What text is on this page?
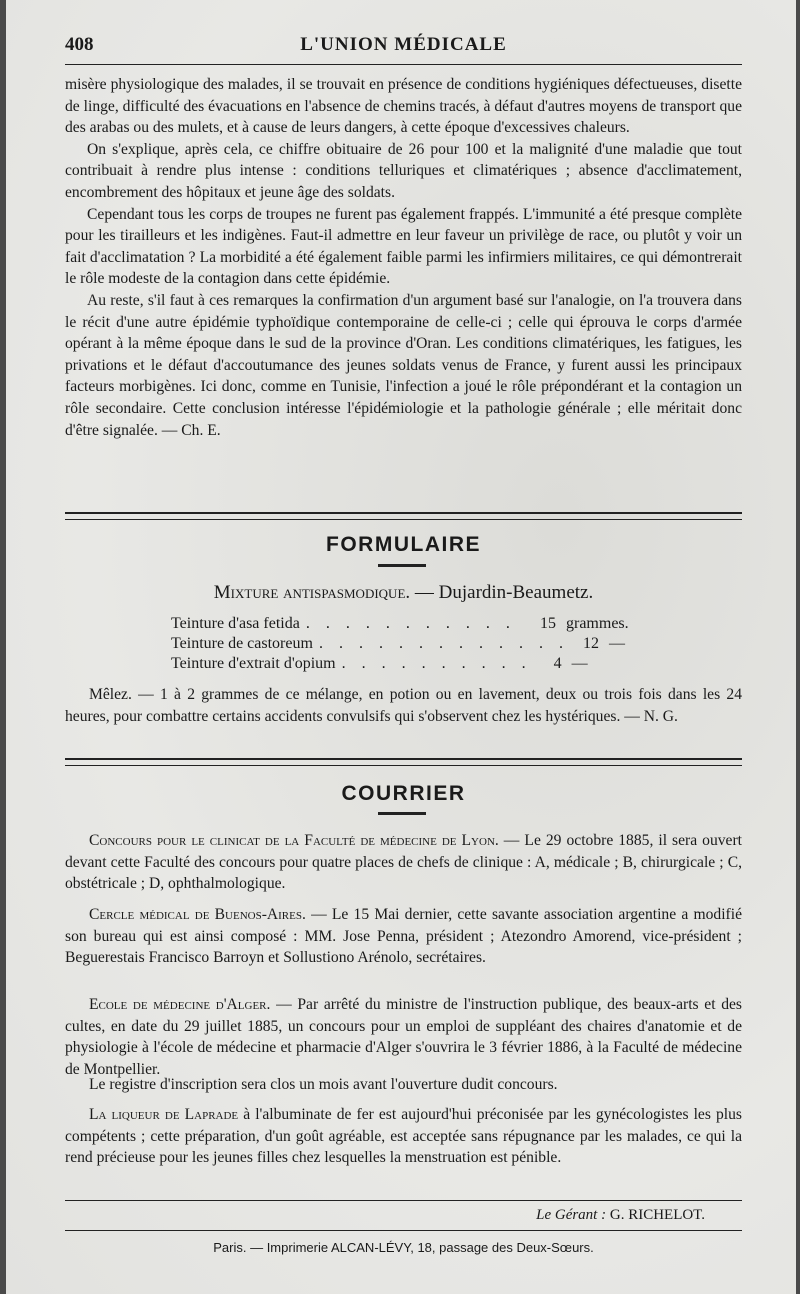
408	L'UNION MÉDICALE

misère physiologique des malades, il se trouvait en présence de conditions hygiéniques défectueuses, disette de linge, difficulté des évacuations en l'absence de chemins tracés, à défaut d'autres moyens de transport que des arabas ou des mulets, et à cause de leurs dangers, à cette époque d'excessives chaleurs.

On s'explique, après cela, ce chiffre obituaire de 26 pour 100 et la malignité d'une maladie que tout contribuait à rendre plus intense : conditions telluriques et climatériques ; absence d'acclimatement, encombrement des hôpitaux et jeune âge des soldats.

Cependant tous les corps de troupes ne furent pas également frappés. L'immunité a été presque complète pour les tirailleurs et les indigènes. Faut-il admettre en leur faveur un privilège de race, ou plutôt y voir un fait d'acclimatation ? La morbidité a été également faible parmi les infirmiers militaires, ce qui démontrerait le rôle modeste de la contagion dans cette épidémie.

Au reste, s'il faut à ces remarques la confirmation d'un argument basé sur l'analogie, on l'a trouvera dans le récit d'une autre épidémie typhoïdique contemporaine de celle-ci ; celle qui éprouva le corps d'armée opérant à la même époque dans le sud de la province d'Oran. Les conditions climatériques, les fatigues, les privations et le défaut d'accoutumance des jeunes soldats venus de France, y furent aussi les principaux facteurs morbigènes. Ici donc, comme en Tunisie, l'infection a joué le rôle prépondérant et la contagion un rôle secondaire. Cette conclusion intéresse l'épidémiologie et la pathologie générale ; elle méritait donc d'être signalée. — Ch. E.

FORMULAIRE
Mixture antispasmodique. — Dujardin-Beaumetz.
Teinture d'asa fetida . . . . . . . . . . .	15 grammes.
Teinture de castoreum . . . . . . . . . . . . . 12 —
Teinture d'extrait d'opium . . . . . . . . . .	4 —

Mêlez. — 1 à 2 grammes de ce mélange, en potion ou en lavement, deux ou trois fois dans les 24 heures, pour combattre certains accidents convulsifs qui s'observent chez les hystériques. — N. G.

COURRIER

Concours pour le clinicat de la Faculté de médecine de Lyon. — Le 29 octobre 1885, il sera ouvert devant cette Faculté des concours pour quatre places de chefs de clinique : A, médicale ; B, chirurgicale ; C, obstétricale ; D, ophthalmologique.

Cercle médical de Buenos-Aires. — Le 15 Mai dernier, cette savante association argentine a modifié son bureau qui est ainsi composé : MM. Jose Penna, président ; Atezondro Amorend, vice-président ; Beguerestais Francisco Barroyn et Sollustiono Arénolo, secrétaires.

Ecole de médecine d'Alger. — Par arrêté du ministre de l'instruction publique, des beaux-arts et des cultes, en date du 29 juillet 1885, un concours pour un emploi de suppléant des chaires d'anatomie et de physiologie à l'école de médecine et pharmacie d'Alger s'ouvrira le 3 février 1886, à la Faculté de médecine de Montpellier.

Le registre d'inscription sera clos un mois avant l'ouverture dudit concours.

La liqueur de Laprade à l'albuminate de fer est aujourd'hui préconisée par les gynécologistes les plus compétents ; cette préparation, d'un goût agréable, est acceptée sans répugnance par les malades, ce qui la rend précieuse pour les jeunes filles chez lesquelles la menstruation est pénible.

Le Gérant : G. RICHELOT.
Paris. — Imprimerie ALCAN-LÉVY, 18, passage des Deux-Sœurs.
